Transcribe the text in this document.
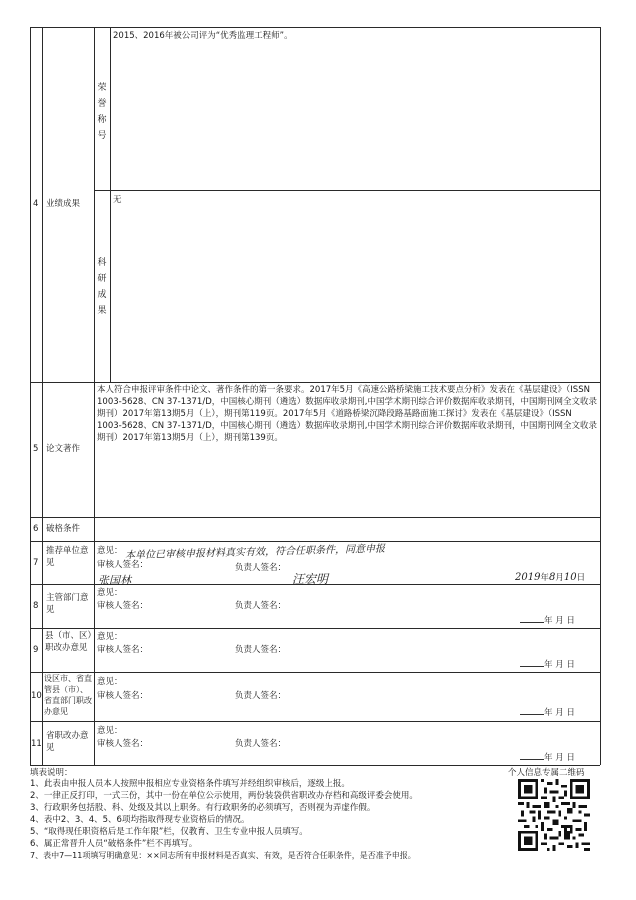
4 业绩成果
荣誉称号
2015、2016年被公司评为“优秀监理工程师”。
科研成果
无
5 论文著作
本人符合申报评审条件中论文、著作条件的第一条要求。2017年5月《高速公路桥梁施工技术要点分析》发表在《基层建设》（ISSN 1003-5628、CN 37-1371/D，中国核心期刊（遴选）数据库收录期刊,中国学术期刊综合评价数据库收录期刊，中国期刊网全文收录期刊）2017年第13期5月（上），期刊第119页。2017年5月《道路桥梁沉降段路基路面施工探讨》发表在《基层建设》（ISSN 1003-5628、CN 37-1371/D，中国核心期刊（遴选）数据库收录期刊,中国学术期刊综合评价数据库收录期刊，中国期刊网全文收录期刊）2017年第13期5月（上），期刊第139页。
6 破格条件
7
推荐单位意见
意见：
审核人签名：	负责人签名：
本单位已审核申报材料真实有效，符合任职条件，同意申报
张国林	汪宏明	2019年8月10日
8
主管部门意见
意见：
审核人签名：	负责人签名：
年 月 日
9
县（市、区）职改办意见
意见：
审核人签名：	负责人签名：
年 月 日
10
设区市、省直管县（市）、省直部门职改办意见
意见：
审核人签名：	负责人签名：
年 月 日
11
省职改办意见
意见：
审核人签名：	负责人签名：
年 月 日
填表说明：
1、此表由申报人员本人按照申报相应专业资格条件填写并经组织审核后，逐级上报。
2、一律正反打印，一式三份，其中一份在单位公示使用，两份装袋供省职改办存档和高级评委会使用。
3、行政职务包括股、科、处级及其以上职务。有行政职务的必须填写，否则视为弄虚作假。
4、表中2、3、4、5、6项均指取得现专业资格后的情况。
5、“取得现任职资格后是工作年限”栏，仅教育、卫生专业申报人员填写。
6、属正常晋升人员“破格条件”栏不再填写。
7、表中7—11项填写明确意见：××同志所有申报材料是否真实、有效，是否符合任职条件，是否准予申报。
个人信息专属二维码
